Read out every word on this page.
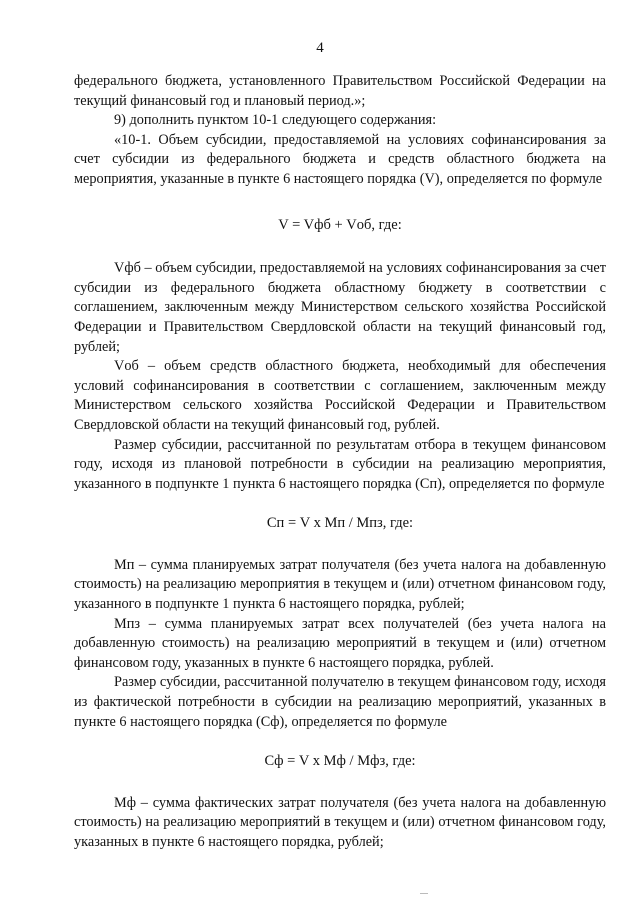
4

федерального бюджета, установленного Правительством Российской Федерации на текущий финансовый год и плановый период.»;

9) дополнить пунктом 10-1 следующего содержания:

«10-1. Объем субсидии, предоставляемой на условиях софинансирования за счет субсидии из федерального бюджета и средств областного бюджета на мероприятия, указанные в пункте 6 настоящего порядка (V), определяется по формуле

V = Vфб + Vоб, где:

Vфб – объем субсидии, предоставляемой на условиях софинансирования за счет субсидии из федерального бюджета областному бюджету в соответствии с соглашением, заключенным между Министерством сельского хозяйства Российской Федерации и Правительством Свердловской области на текущий финансовый год, рублей;

Vоб – объем средств областного бюджета, необходимый для обеспечения условий софинансирования в соответствии с соглашением, заключенным между Министерством сельского хозяйства Российской Федерации и Правительством Свердловской области на текущий финансовый год, рублей.

Размер субсидии, рассчитанной по результатам отбора в текущем финансовом году, исходя из плановой потребности в субсидии на реализацию мероприятия, указанного в подпункте 1 пункта 6 настоящего порядка (Сп), определяется по формуле

Сп = V x Мп / Мпз, где:

Мп – сумма планируемых затрат получателя (без учета налога на добавленную стоимость) на реализацию мероприятия в текущем и (или) отчетном финансовом году, указанного в подпункте 1 пункта 6 настоящего порядка, рублей;

Мпз – сумма планируемых затрат всех получателей (без учета налога на добавленную стоимость) на реализацию мероприятий в текущем и (или) отчетном финансовом году, указанных в пункте 6 настоящего порядка, рублей.

Размер субсидии, рассчитанной получателю в текущем финансовом году, исходя из фактической потребности в субсидии на реализацию мероприятий, указанных в пункте 6 настоящего порядка (Сф), определяется по формуле

Сф = V x Мф / Мфз, где:

Мф – сумма фактических затрат получателя (без учета налога на добавленную стоимость) на реализацию мероприятий в текущем и (или) отчетном финансовом году, указанных в пункте 6 настоящего порядка, рублей;
